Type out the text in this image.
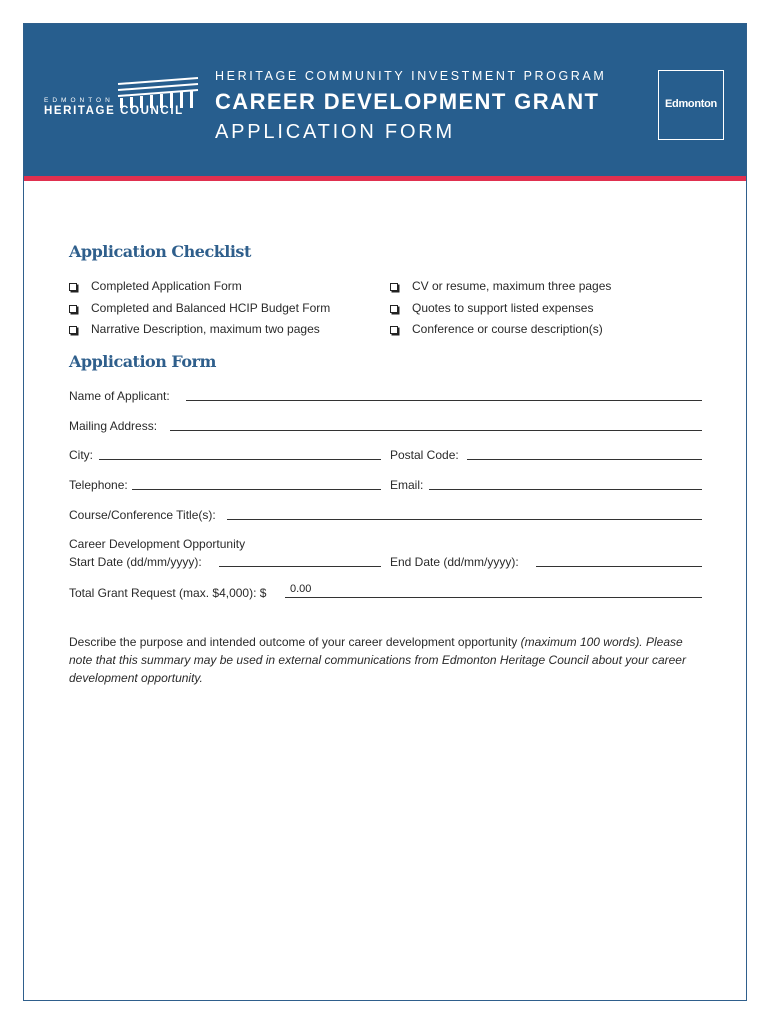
EDMONTON
HERITAGE COUNCIL
HERITAGE COMMUNITY INVESTMENT PROGRAM
CAREER DEVELOPMENT GRANT
APPLICATION FORM
Edmonton
Application Checklist
Completed Application Form
Completed and Balanced HCIP Budget Form
Narrative Description, maximum two pages
CV or resume, maximum three pages
Quotes to support listed expenses
Conference or course description(s)
Application Form
Name of Applicant:
Mailing Address:
City:	Postal Code:
Telephone:	Email:
Course/Conference Title(s):
Career Development Opportunity
Start Date (dd/mm/yyyy):	End Date (dd/mm/yyyy):
Total Grant Request (max. $4,000): $ 0.00
Describe the purpose and intended outcome of your career development opportunity (maximum 100 words). Please note that this summary may be used in external communications from Edmonton Heritage Council about your career development opportunity.
